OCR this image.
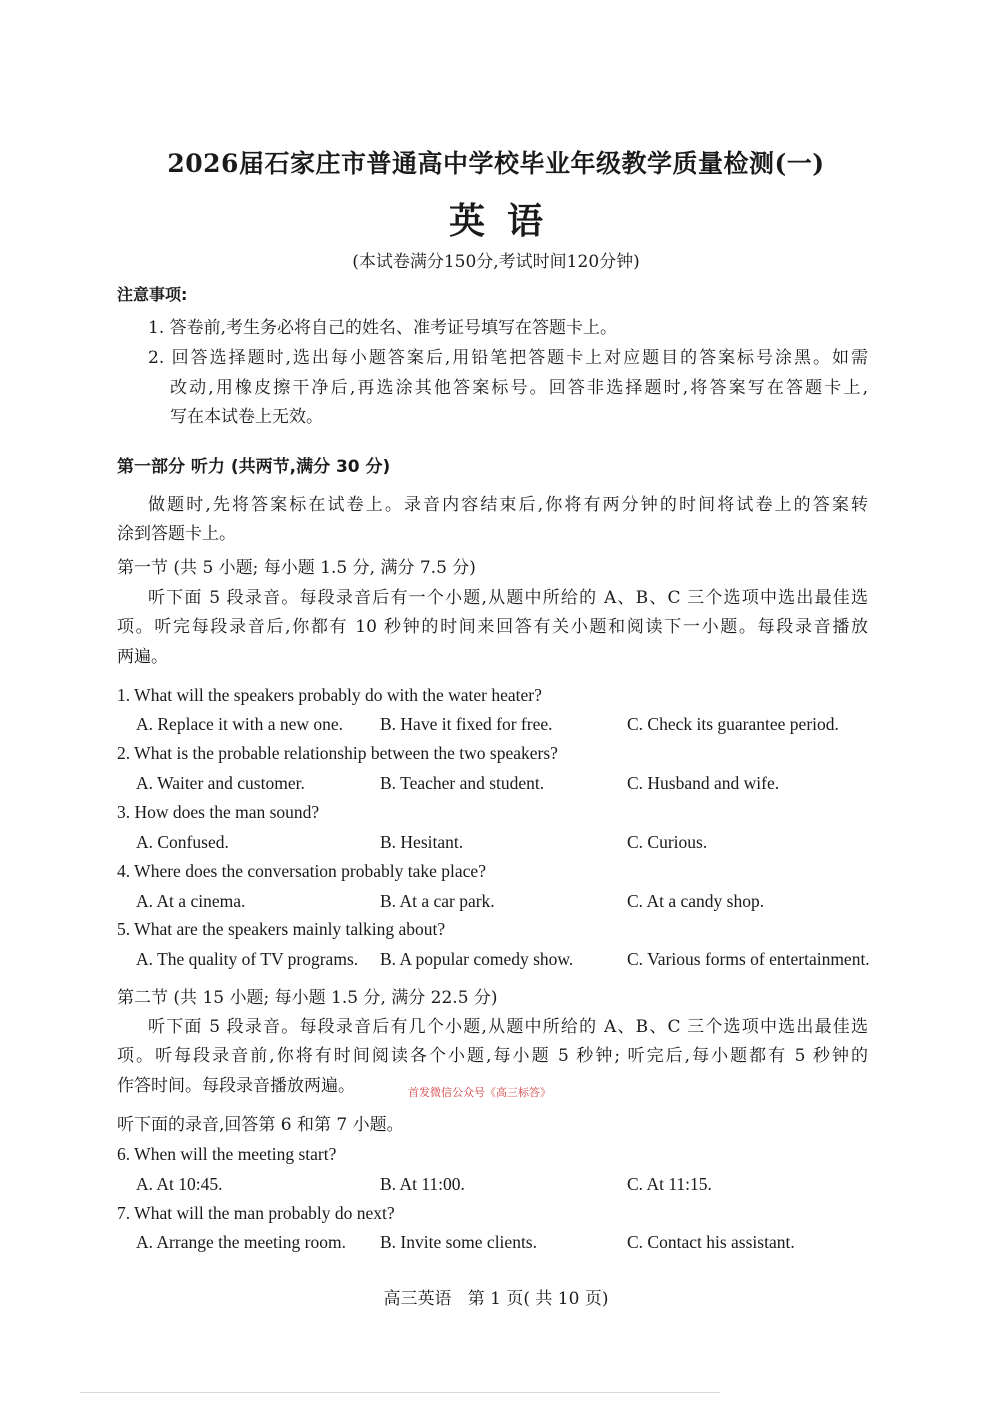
2026届石家庄市普通高中学校毕业年级教学质量检测(一)
英语
(本试卷满分150分,考试时间120分钟)
注意事项:
1. 答卷前,考生务必将自己的姓名、准考证号填写在答题卡上。
2. 回答选择题时,选出每小题答案后,用铅笔把答题卡上对应题目的答案标号涂黑。如需
改动,用橡皮擦干净后,再选涂其他答案标号。回答非选择题时,将答案写在答题卡上,
写在本试卷上无效。
第一部分 听力 (共两节,满分 30 分)
做题时,先将答案标在试卷上。录音内容结束后,你将有两分钟的时间将试卷上的答案转
涂到答题卡上。
第一节 (共 5 小题; 每小题 1.5 分, 满分 7.5 分)
听下面 5 段录音。每段录音后有一个小题,从题中所给的 A、B、C 三个选项中选出最佳选
项。听完每段录音后,你都有 10 秒钟的时间来回答有关小题和阅读下一小题。每段录音播放
两遍。
1. What will the speakers probably do with the water heater?
A. Replace it with a new one. B. Have it fixed for free.	C. Check its guarantee period.
2. What is the probable relationship between the two speakers?
A. Waiter and customer.	B. Teacher and student.	C. Husband and wife.
3. How does the man sound?
A. Confused.	B. Hesitant.	C. Curious.
4. Where does the conversation probably take place?
A. At a cinema.	B. At a car park.	C. At a candy shop.
5. What are the speakers mainly talking about?
A. The quality of TV programs. B. A popular comedy show.	C. Various forms of entertainment.
第二节 (共 15 小题; 每小题 1.5 分, 满分 22.5 分)
听下面 5 段录音。每段录音后有几个小题,从题中所给的 A、B、C 三个选项中选出最佳选
项。听每段录音前,你将有时间阅读各个小题,每小题 5 秒钟; 听完后,每小题都有 5 秒钟的
作答时间。每段录音播放两遍。	首发微信公众号《高三标答》
听下面的录音,回答第 6 和第 7 小题。
6. When will the meeting start?
A. At 10:45.	B. At 11:00.	C. At 11:15.
7. What will the man probably do next?
A. Arrange the meeting room. B. Invite some clients.	C. Contact his assistant.
高三英语   第 1 页( 共 10 页)
